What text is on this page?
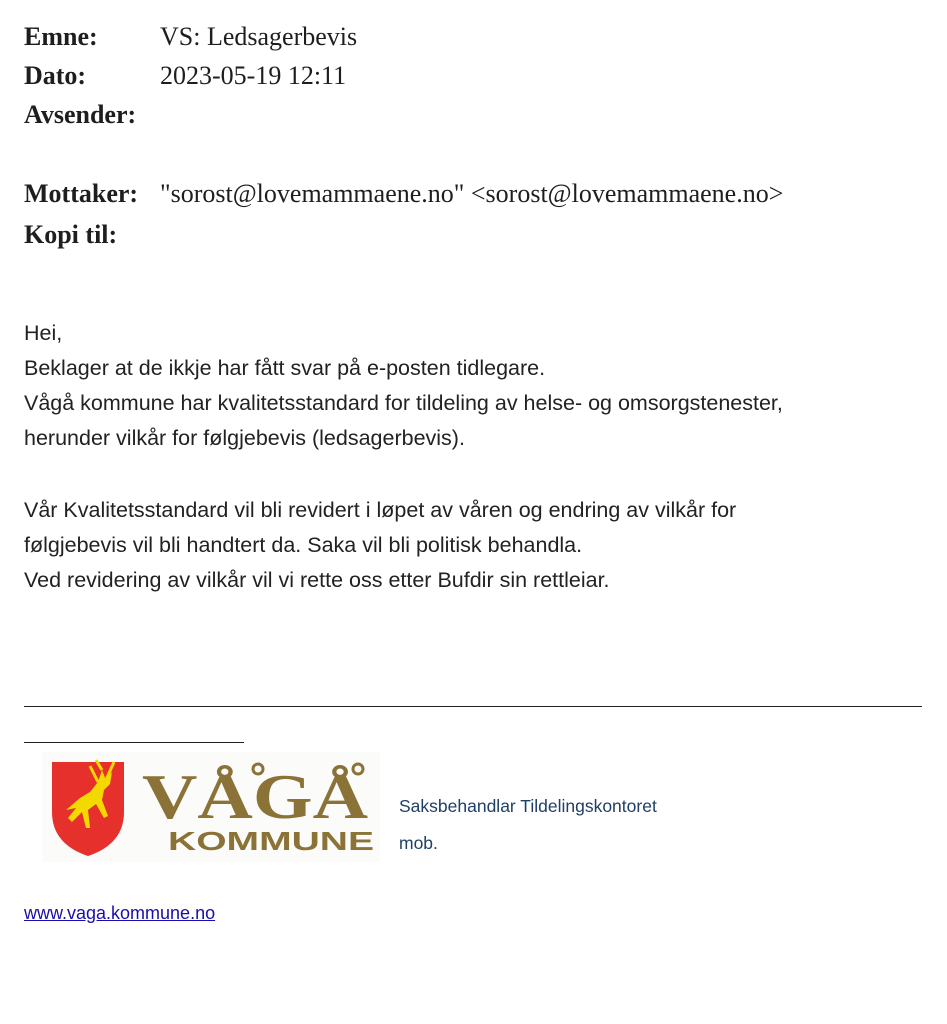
Emne: VS: Ledsagerbevis
Dato:	2023-05-19 12:11
Avsender:
Mottaker: "sorost@lovemammaene.no" <sorost@lovemammaene.no>
Kopi til:

Hei,

Beklager at de ikkje har fått svar på e-posten tidlegare.

Vågå kommune har kvalitetsstandard for tildeling av helse- og omsorgstenester,

herunder vilkår for følgjebevis (ledsagerbevis).

Vår Kvalitetsstandard vil bli revidert i løpet av våren og endring av vilkår for

følgjebevis vil bli handtert da. Saka vil bli politisk behandla.

Ved revidering av vilkår vil vi rette oss etter Bufdir sin rettleiar.

VÅGÅ
KOMMUNE
Saksbehandlar Tildelingskontoret
mob.
www.vaga.kommune.no
